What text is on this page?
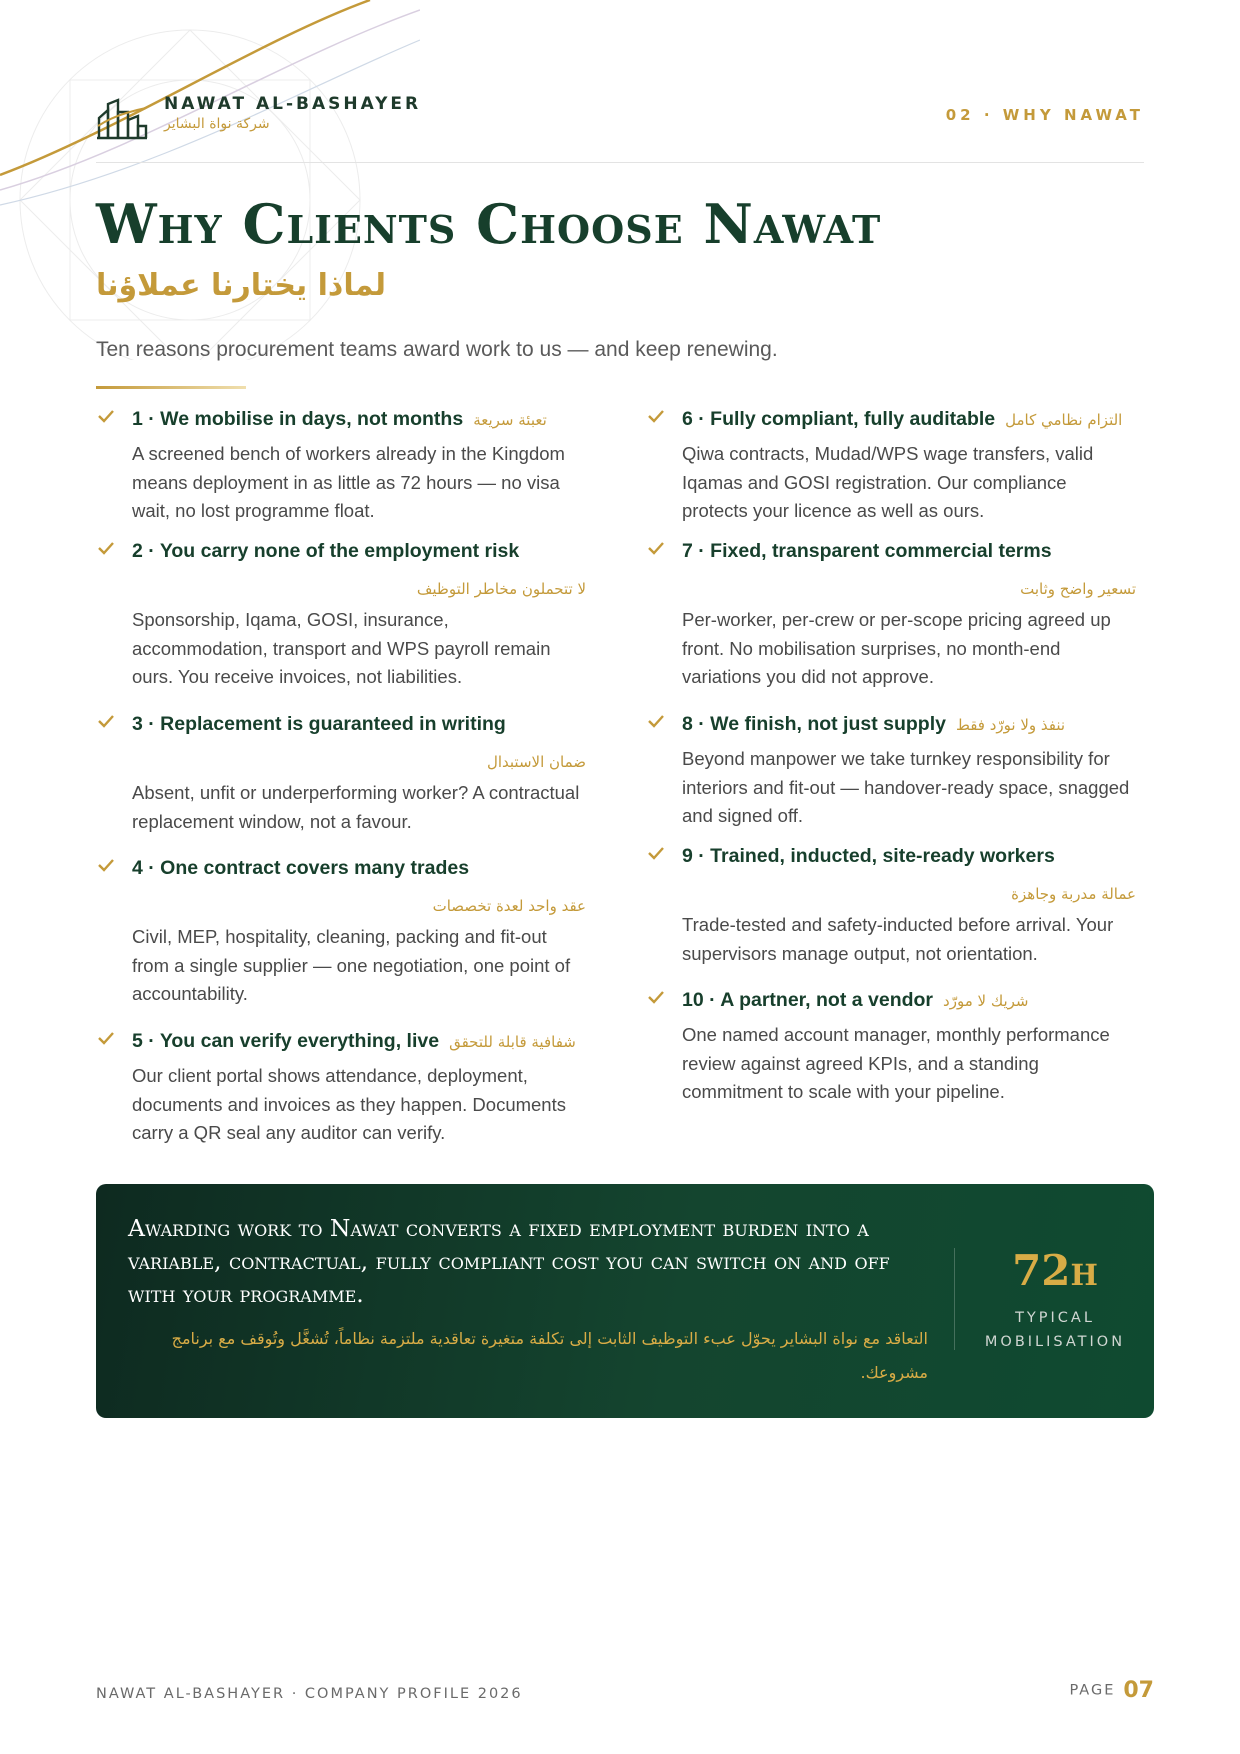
NAWAT AL-BASHAYER
شركة نواة البشاير	02 · WHY NAWAT
Why Clients Choose Nawat
لماذا يختارنا عملاؤنا
Ten reasons procurement teams award work to us — and keep renewing.
1 · We mobilise in days, not months تعبئة سريعة
A screened bench of workers already in the Kingdom means deployment in as little as 72 hours — no visa wait, no lost programme float.
2 · You carry none of the employment risk
لا تتحملون مخاطر التوظيف
Sponsorship, Iqama, GOSI, insurance, accommodation, transport and WPS payroll remain ours. You receive invoices, not liabilities.
3 · Replacement is guaranteed in writing
ضمان الاستبدال
Absent, unfit or underperforming worker? A contractual replacement window, not a favour.
4 · One contract covers many trades
عقد واحد لعدة تخصصات
Civil, MEP, hospitality, cleaning, packing and fit-out from a single supplier — one negotiation, one point of accountability.
5 · You can verify everything, live شفافية قابلة للتحقق
Our client portal shows attendance, deployment, documents and invoices as they happen. Documents carry a QR seal any auditor can verify.
6 · Fully compliant, fully auditable التزام نظامي كامل
Qiwa contracts, Mudad/WPS wage transfers, valid Iqamas and GOSI registration. Our compliance protects your licence as well as ours.
7 · Fixed, transparent commercial terms
تسعير واضح وثابت
Per-worker, per-crew or per-scope pricing agreed up front. No mobilisation surprises, no month-end variations you did not approve.
8 · We finish, not just supply ننفذ ولا نورّد فقط
Beyond manpower we take turnkey responsibility for interiors and fit-out — handover-ready space, snagged and signed off.
9 · Trained, inducted, site-ready workers
عمالة مدربة وجاهزة
Trade-tested and safety-inducted before arrival. Your supervisors manage output, not orientation.
10 · A partner, not a vendor شريك لا مورّد
One named account manager, monthly performance review against agreed KPIs, and a standing commitment to scale with your pipeline.

Awarding work to Nawat converts a fixed employment burden into a variable, contractual, fully compliant cost you can switch on and off with your programme.

التعاقد مع نواة البشاير يحوّل عبء التوظيف الثابت إلى تكلفة متغيرة تعاقدية ملتزمة نظاماً، تُشغَّل وتُوقف مع برنامج مشروعك.
72h
TYPICAL
MOBILISATION
NAWAT AL-BASHAYER · COMPANY PROFILE 2026	PAGE 07
